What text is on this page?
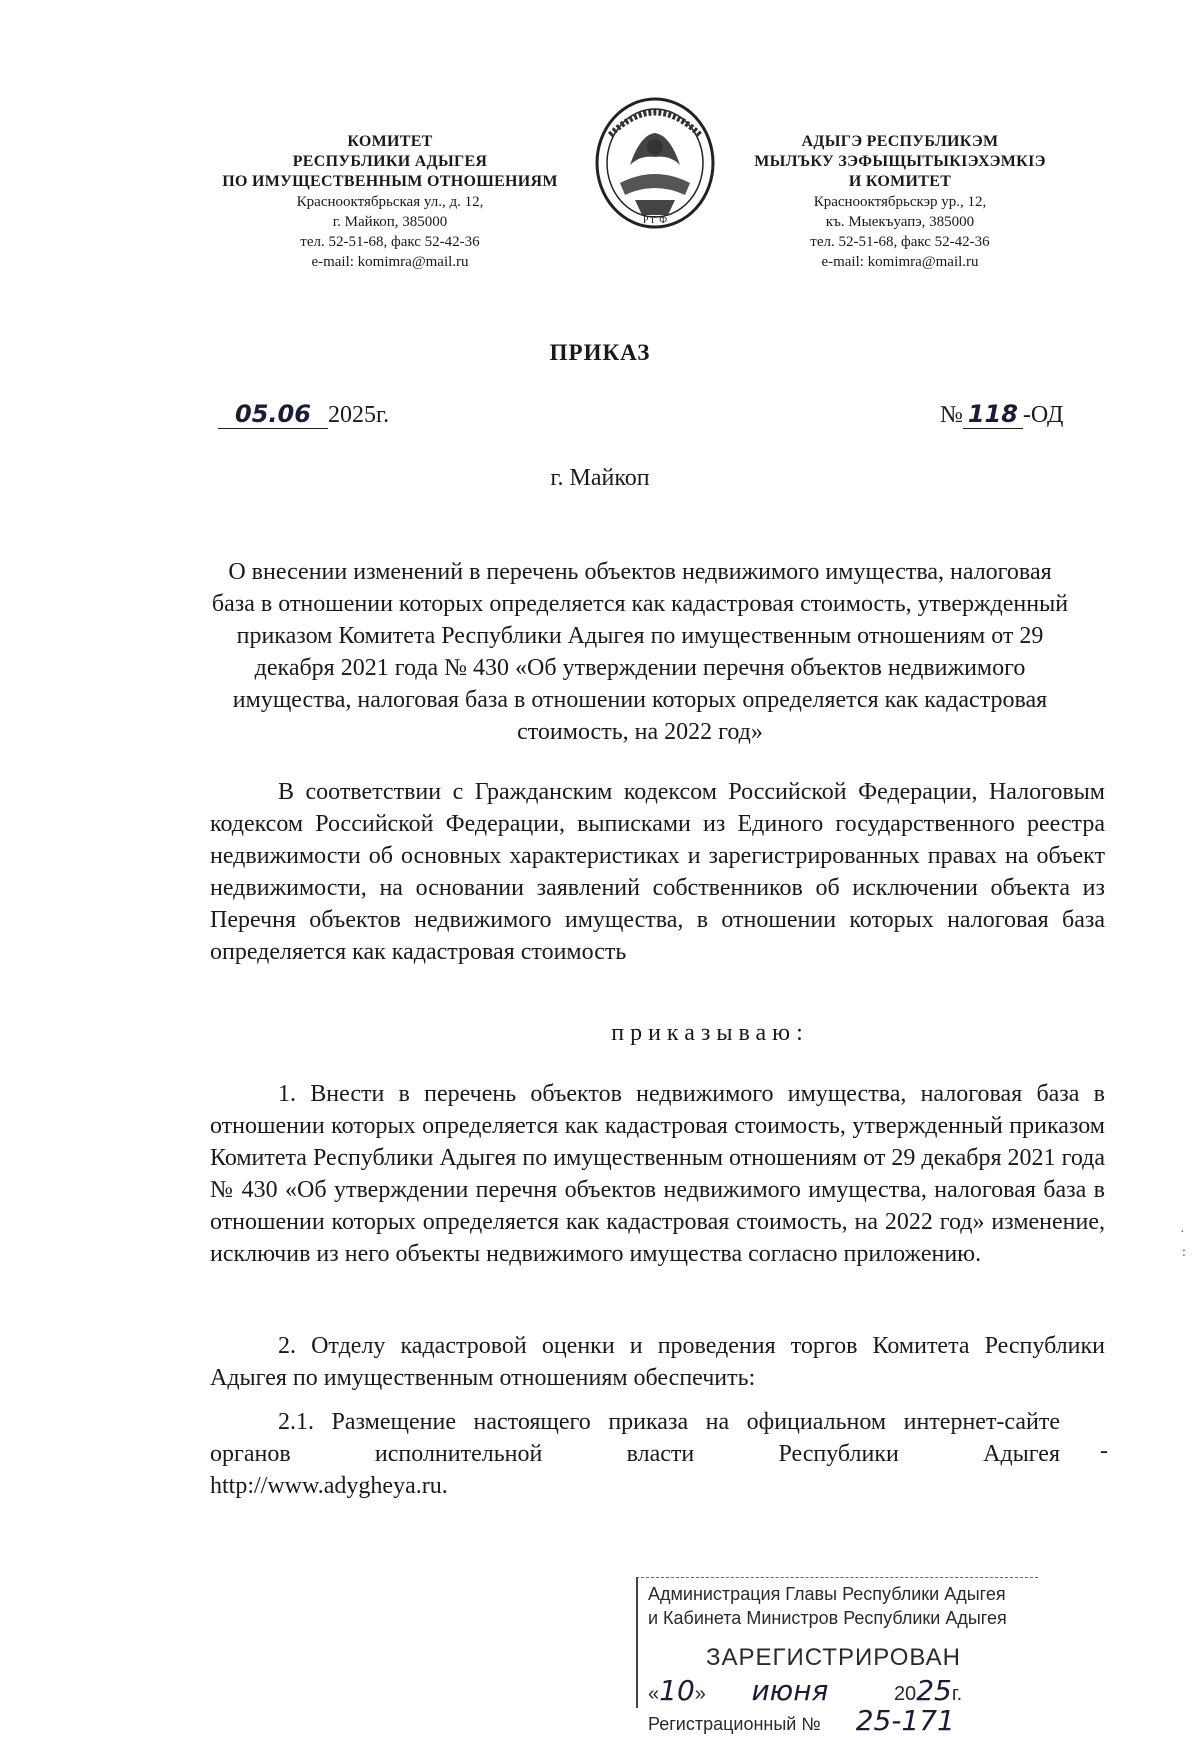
КОМИТЕТ
РЕСПУБЛИКИ АДЫГЕЯ
ПО ИМУЩЕСТВЕННЫМ ОТНОШЕНИЯМ
Краснооктябрьская ул., д. 12,
г. Майкоп, 385000
тел. 52-51-68, факс 52-42-36
e-mail: komimra@mail.ru
Р Г Ф
АДЫГЭ РЕСПУБЛИКЭМ
МЫЛЪКУ ЗЭФЫЩЫТЫКІЭХЭМКІЭ
И КОМИТЕТ
Краснооктябрьскэр ур., 12,
къ. Мыекъуапэ, 385000
тел. 52-51-68, факс 52-42-36
e-mail: komimra@mail.ru
ПРИКАЗ
05.06 2025г.	№ 118 -ОД
г. Майкоп
О внесении изменений в перечень объектов недвижимого имущества, налоговая база в отношении которых определяется как кадастровая стоимость, утвержденный приказом Комитета Республики Адыгея по имущественным отношениям от 29 декабря 2021 года № 430 «Об утверждении перечня объектов недвижимого имущества, налоговая база в отношении которых определяется как кадастровая стоимость, на 2022 год»
В соответствии с Гражданским кодексом Российской Федерации, Налоговым кодексом Российской Федерации, выписками из Единого государственного реестра недвижимости об основных характеристиках и зарегистрированных правах на объект недвижимости, на основании заявлений собственников об исключении объекта из Перечня объектов недвижимого имущества, в отношении которых налоговая база определяется как кадастровая стоимость
приказываю:
1. Внести в перечень объектов недвижимого имущества, налоговая база в отношении которых определяется как кадастровая стоимость, утвержденный приказом Комитета Республики Адыгея по имущественным отношениям от 29 декабря 2021 года № 430 «Об утверждении перечня объектов недвижимого имущества, налоговая база в отношении которых определяется как кадастровая стоимость, на 2022 год» изменение, исключив из него объекты недвижимого имущества согласно приложению.
2. Отделу кадастровой оценки и проведения торгов Комитета Республики Адыгея по имущественным отношениям обеспечить:
2.1. Размещение настоящего приказа на официальном интернет-сайте органов исполнительной власти Республики Адыгея -
http://www.adygheya.ru.
Администрация Главы Республики Адыгея
и Кабинета Министров Республики Адыгея
ЗАРЕГИСТРИРОВАН
«10» июня	2025г.
Регистрационный № 25-171
·
:
